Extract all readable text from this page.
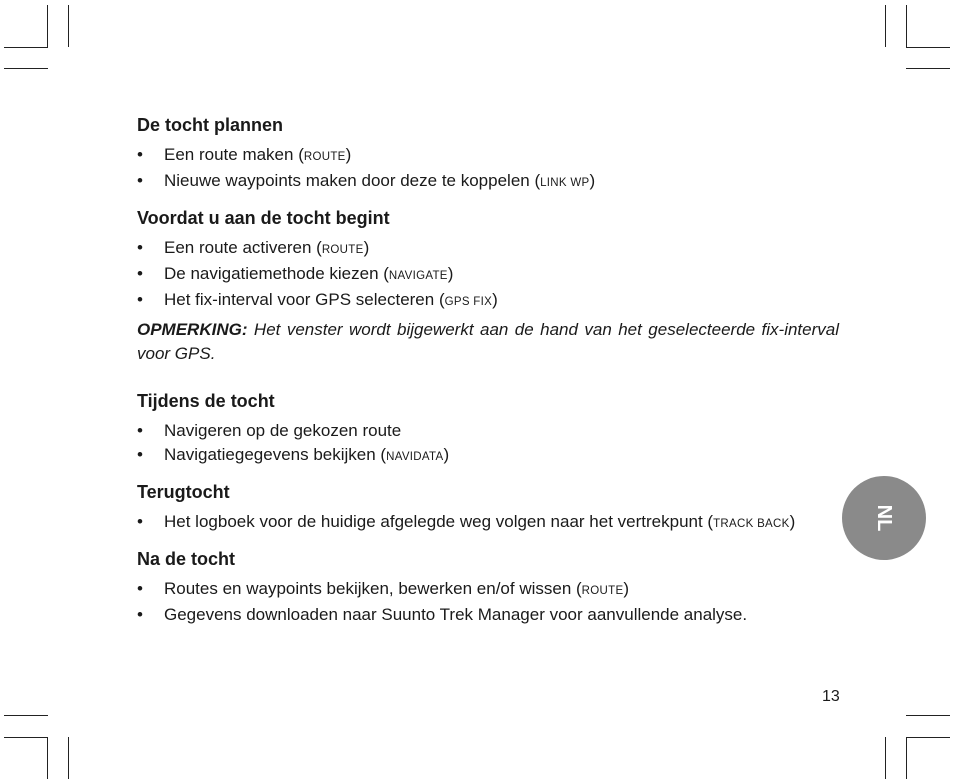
De tocht plannen
• Een route maken (ROUTE)
• Nieuwe waypoints maken door deze te koppelen (LINK WP)
Voordat u aan de tocht begint
• Een route activeren (ROUTE)
• De navigatiemethode kiezen (NAVIGATE)
• Het fix-interval voor GPS selecteren (GPS FIX)

OPMERKING: Het venster wordt bijgewerkt aan de hand van het geselecteerde fix-interval voor GPS.

Tijdens de tocht
• Navigeren op de gekozen route
• Navigatiegegevens bekijken (NAVIDATA)
Terugtocht
• Het logboek voor de huidige afgelegde weg volgen naar het vertrekpunt (TRACK BACK)
Na de tocht
• Routes en waypoints bekijken, bewerken en/of wissen (ROUTE)
• Gegevens downloaden naar Suunto Trek Manager voor aanvullende analyse.
NL
13
